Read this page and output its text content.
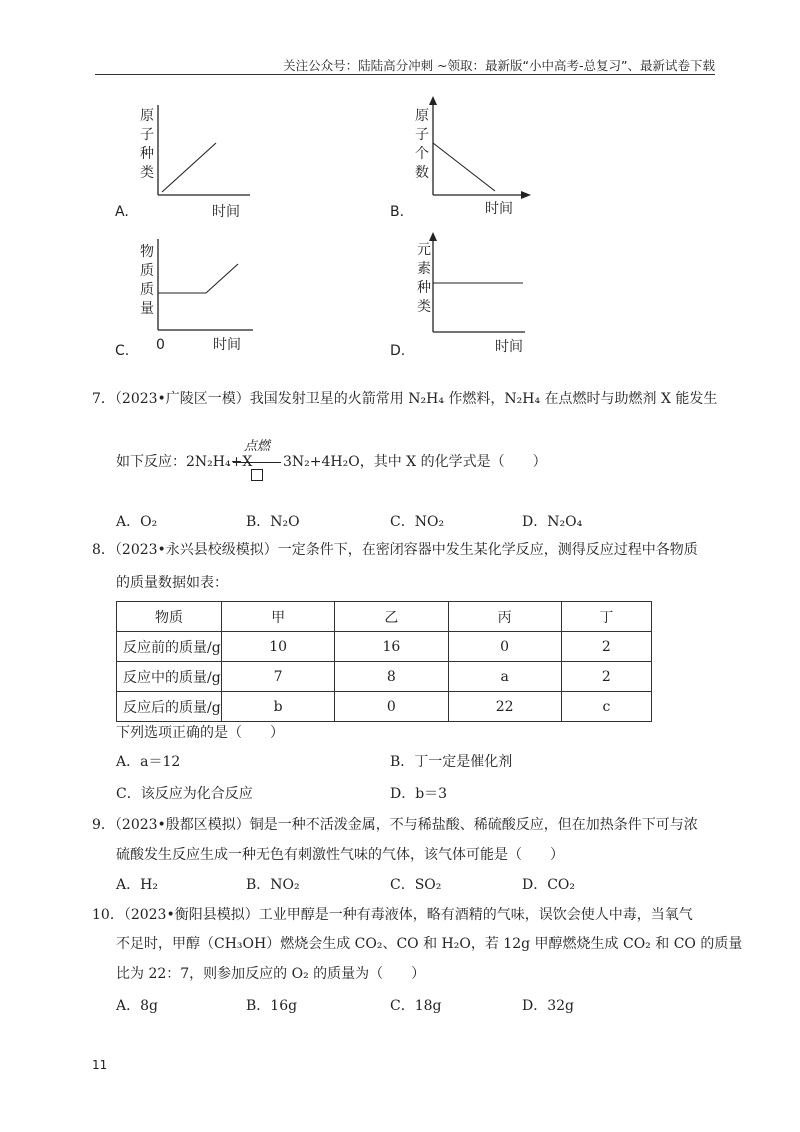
关注公众号：陆陆高分冲刺 ~领取：最新版“小中高考-总复习”、最新试卷下载
原
子
种
类
时间
A.
原
子
个
数
时间
B.
物
质
质
量
0	时间
C.
元
素
种
类
时间
D.
7．（2023•广陵区一模）我国发射卫星的火箭常用 N₂H₄ 作燃料，N₂H₄ 在点燃时与助燃剂 X 能发生
如下反应：2N₂H₄+X
点燃
3N₂+4H₂O，其中 X 的化学式是（　　）
A．O₂	B．N₂O	C．NO₂	D．N₂O₄
8．（2023•永兴县校级模拟）一定条件下，在密闭容器中发生某化学反应，测得反应过程中各物质
的质量数据如表：
物质	甲	乙	丙	丁
反应前的质量/g	10	16	0	2
反应中的质量/g	7	8	a	2
反应后的质量/g	b	0	22	c
下列选项正确的是（　　）
A．a＝12	B．丁一定是催化剂
C．该反应为化合反应	D．b＝3
9．（2023•殷都区模拟）铜是一种不活泼金属，不与稀盐酸、稀硫酸反应，但在加热条件下可与浓
硫酸发生反应生成一种无色有刺激性气味的气体，该气体可能是（　　）
A．H₂	B．NO₂	C．SO₂	D．CO₂
10．（2023•衡阳县模拟）工业甲醇是一种有毒液体，略有酒精的气味，误饮会使人中毒，当氧气
不足时，甲醇（CH₃OH）燃烧会生成 CO₂、CO 和 H₂O，若 12g 甲醇燃烧生成 CO₂ 和 CO 的质量
比为 22：7，则参加反应的 O₂ 的质量为（　　）
A．8g	B．16g	C．18g	D．32g
11
